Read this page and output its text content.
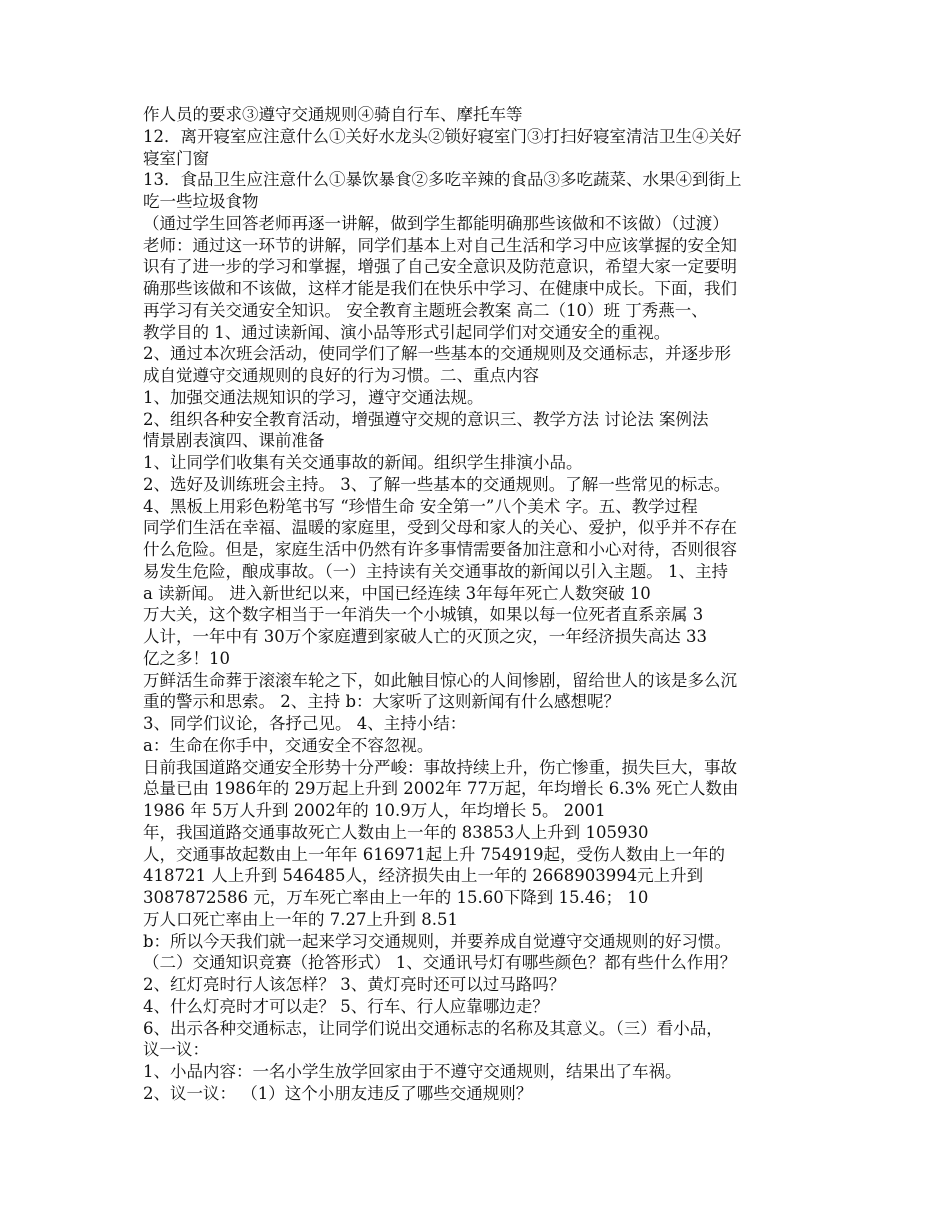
作人员的要求③遵守交通规则④骑自行车、摩托车等
12．离开寝室应注意什么①关好水龙头②锁好寝室门③打扫好寝室清洁卫生④关好
寝室门窗
13．食品卫生应注意什么①暴饮暴食②多吃辛辣的食品③多吃蔬菜、水果④到街上
吃一些垃圾食物
（通过学生回答老师再逐一讲解，做到学生都能明确那些该做和不该做）（过渡）
老师：通过这一环节的讲解，同学们基本上对自己生活和学习中应该掌握的安全知
识有了进一步的学习和掌握，增强了自己安全意识及防范意识，希望大家一定要明
确那些该做和不该做，这样才能是我们在快乐中学习、在健康中成长。下面，我们
再学习有关交通安全知识。 安全教育主题班会教案 高二（10）班 丁秀燕一、
教学目的 1、通过读新闻、演小品等形式引起同学们对交通安全的重视。
2、通过本次班会活动，使同学们了解一些基本的交通规则及交通标志，并逐步形
成自觉遵守交通规则的良好的行为习惯。二、重点内容
1、加强交通法规知识的学习，遵守交通法规。
2、组织各种安全教育活动，增强遵守交规的意识三、教学方法 讨论法 案例法
情景剧表演四、课前准备
1、让同学们收集有关交通事故的新闻。组织学生排演小品。
2、选好及训练班会主持。 3、了解一些基本的交通规则。了解一些常见的标志。
4、黑板上用彩色粉笔书写 “珍惜生命 安全第一”八个美术 字。五、教学过程
同学们生活在幸福、温暖的家庭里，受到父母和家人的关心、爱护，似乎并不存在
什么危险。但是，家庭生活中仍然有许多事情需要备加注意和小心对待，否则很容
易发生危险，酿成事故。（一）主持读有关交通事故的新闻以引入主题。 1、主持
a 读新闻。 进入新世纪以来，中国已经连续 3年每年死亡人数突破 10
万大关，这个数字相当于一年消失一个小城镇，如果以每一位死者直系亲属 3
人计，一年中有 30万个家庭遭到家破人亡的灭顶之灾，一年经济损失高达 33
亿之多！10
万鲜活生命葬于滚滚车轮之下，如此触目惊心的人间惨剧，留给世人的该是多么沉
重的警示和思索。 2、主持 b：大家听了这则新闻有什么感想呢？
3、同学们议论，各抒己见。 4、主持小结：
a：生命在你手中，交通安全不容忽视。
日前我国道路交通安全形势十分严峻：事故持续上升，伤亡惨重，损失巨大，事故
总量已由 1986年的 29万起上升到 2002年 77万起，年均增长 6.3% 死亡人数由
1986 年 5万人升到 2002年的 10.9万人，年均增长 5。 2001
年，我国道路交通事故死亡人数由上一年的 83853人上升到 105930
人，交通事故起数由上一年年 616971起上升 754919起，受伤人数由上一年的
418721 人上升到 546485人，经济损失由上一年的 2668903994元上升到
3087872586 元，万车死亡率由上一年的 15.60下降到 15.46； 10
万人口死亡率由上一年的 7.27上升到 8.51
b：所以今天我们就一起来学习交通规则，并要养成自觉遵守交通规则的好习惯。
（二）交通知识竞赛（抢答形式） 1、交通讯号灯有哪些颜色？都有些什么作用？
2、红灯亮时行人该怎样？ 3、黄灯亮时还可以过马路吗？
4、什么灯亮时才可以走？ 5、行车、行人应靠哪边走？
6、出示各种交通标志，让同学们说出交通标志的名称及其意义。（三）看小品，
议一议：
1、小品内容：一名小学生放学回家由于不遵守交通规则，结果出了车祸。
2、议一议： （1）这个小朋友违反了哪些交通规则？
